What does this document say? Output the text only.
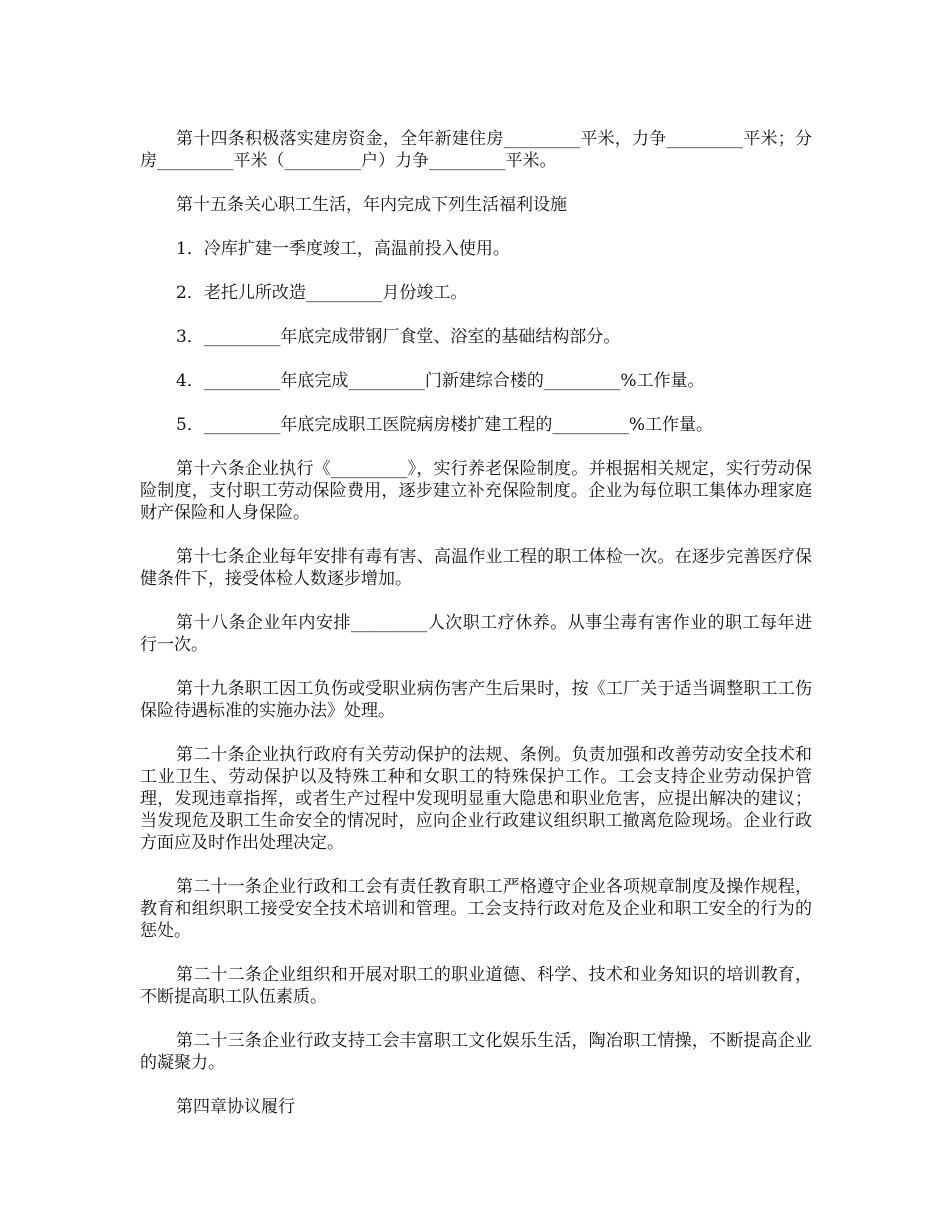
第十四条积极落实建房资金，全年新建住房_________平米，力争_________平米；分房_________平米（_________户）力争_________平米。

第十五条关心职工生活，年内完成下列生活福利设施

1．冷库扩建一季度竣工，高温前投入使用。

2．老托儿所改造_________月份竣工。

3．_________年底完成带钢厂食堂、浴室的基础结构部分。

4．_________年底完成_________门新建综合楼的_________%工作量。

5．_________年底完成职工医院病房楼扩建工程的_________%工作量。

第十六条企业执行《_________》，实行养老保险制度。并根据相关规定，实行劳动保险制度，支付职工劳动保险费用，逐步建立补充保险制度。企业为每位职工集体办理家庭财产保险和人身保险。

第十七条企业每年安排有毒有害、高温作业工程的职工体检一次。在逐步完善医疗保健条件下，接受体检人数逐步增加。

第十八条企业年内安排_________人次职工疗休养。从事尘毒有害作业的职工每年进行一次。

第十九条职工因工负伤或受职业病伤害产生后果时，按《工厂关于适当调整职工工伤保险待遇标准的实施办法》处理。

第二十条企业执行政府有关劳动保护的法规、条例。负责加强和改善劳动安全技术和工业卫生、劳动保护以及特殊工种和女职工的特殊保护工作。工会支持企业劳动保护管理，发现违章指挥，或者生产过程中发现明显重大隐患和职业危害，应提出解决的建议；当发现危及职工生命安全的情况时，应向企业行政建议组织职工撤离危险现场。企业行政方面应及时作出处理决定。

第二十一条企业行政和工会有责任教育职工严格遵守企业各项规章制度及操作规程，教育和组织职工接受安全技术培训和管理。工会支持行政对危及企业和职工安全的行为的惩处。

第二十二条企业组织和开展对职工的职业道德、科学、技术和业务知识的培训教育，不断提高职工队伍素质。

第二十三条企业行政支持工会丰富职工文化娱乐生活，陶冶职工情操，不断提高企业的凝聚力。

第四章协议履行
